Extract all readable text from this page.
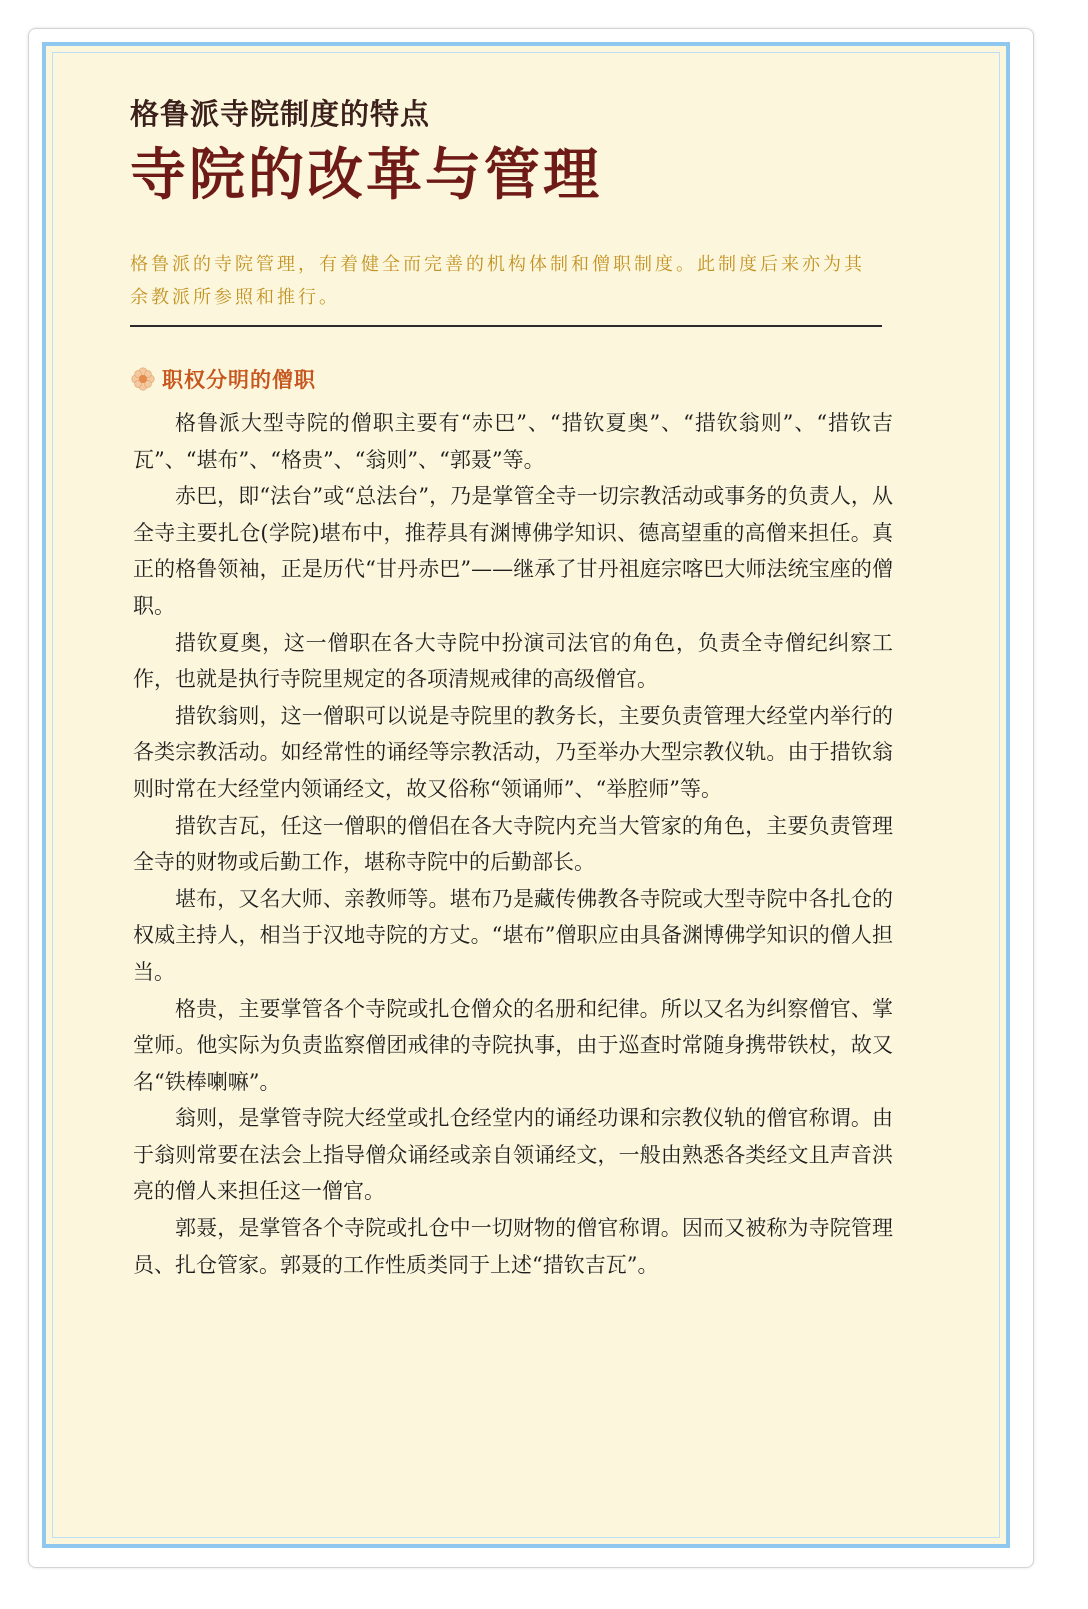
格鲁派寺院制度的特点
寺院的改革与管理

格鲁派的寺院管理，有着健全而完善的机构体制和僧职制度。此制度后来亦为其余教派所参照和推行。

职权分明的僧职

格鲁派大型寺院的僧职主要有“赤巴”、“措钦夏奥”、“措钦翁则”、“措钦吉瓦”、“堪布”、“格贵”、“翁则”、“郭聂”等。

赤巴，即“法台”或“总法台”，乃是掌管全寺一切宗教活动或事务的负责人，从全寺主要扎仓(学院)堪布中，推荐具有渊博佛学知识、德高望重的高僧来担任。真正的格鲁领袖，正是历代“甘丹赤巴”——继承了甘丹祖庭宗喀巴大师法统宝座的僧职。

措钦夏奥，这一僧职在各大寺院中扮演司法官的角色，负责全寺僧纪纠察工作，也就是执行寺院里规定的各项清规戒律的高级僧官。

措钦翁则，这一僧职可以说是寺院里的教务长，主要负责管理大经堂内举行的各类宗教活动。如经常性的诵经等宗教活动，乃至举办大型宗教仪轨。由于措钦翁则时常在大经堂内领诵经文，故又俗称“领诵师”、“举腔师”等。

措钦吉瓦，任这一僧职的僧侣在各大寺院内充当大管家的角色，主要负责管理全寺的财物或后勤工作，堪称寺院中的后勤部长。

堪布，又名大师、亲教师等。堪布乃是藏传佛教各寺院或大型寺院中各扎仓的权威主持人，相当于汉地寺院的方丈。“堪布”僧职应由具备渊博佛学知识的僧人担当。

格贵，主要掌管各个寺院或扎仓僧众的名册和纪律。所以又名为纠察僧官、掌堂师。他实际为负责监察僧团戒律的寺院执事，由于巡查时常随身携带铁杖，故又名“铁棒喇嘛”。

翁则，是掌管寺院大经堂或扎仓经堂内的诵经功课和宗教仪轨的僧官称谓。由于翁则常要在法会上指导僧众诵经或亲自领诵经文，一般由熟悉各类经文且声音洪亮的僧人来担任这一僧官。

郭聂，是掌管各个寺院或扎仓中一切财物的僧官称谓。因而又被称为寺院管理员、扎仓管家。郭聂的工作性质类同于上述“措钦吉瓦”。
